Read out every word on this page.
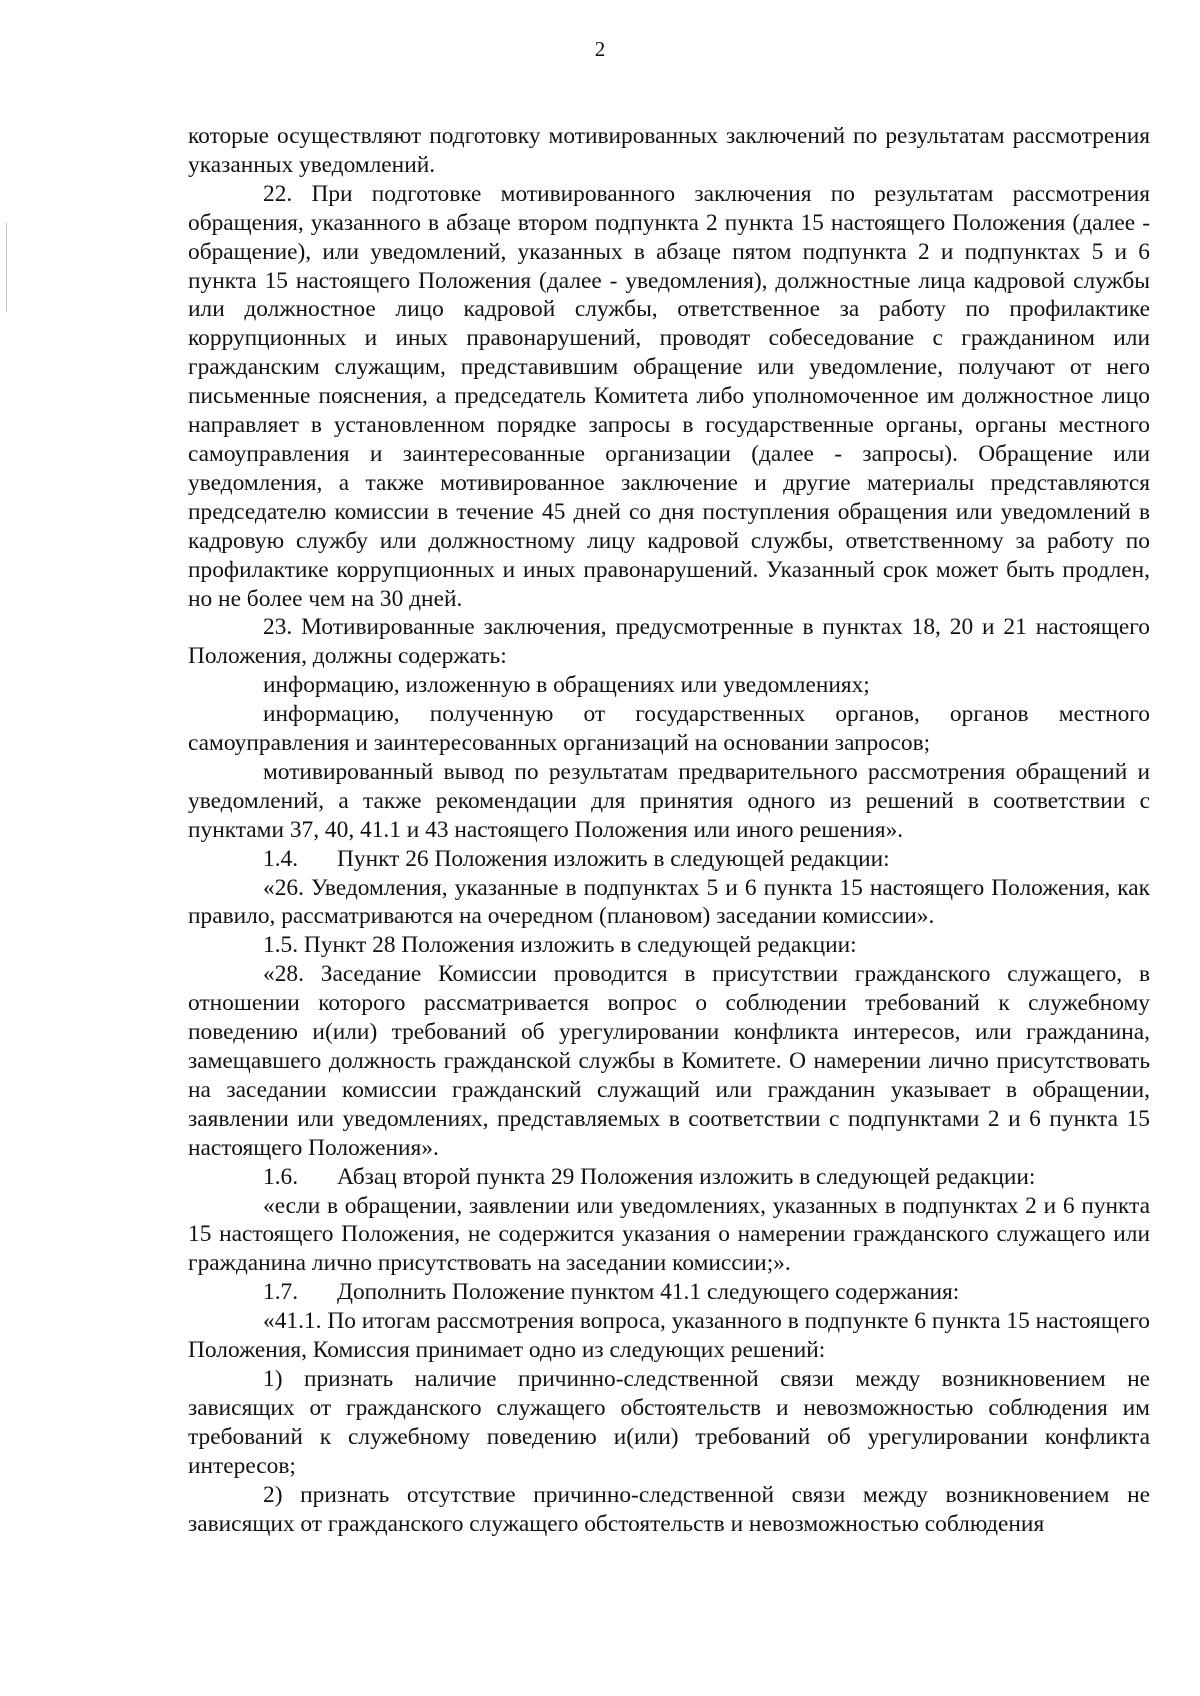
2

которые осуществляют подготовку мотивированных заключений по результатам рассмотрения указанных уведомлений.

22. При подготовке мотивированного заключения по результатам рассмотрения обращения, указанного в абзаце втором подпункта 2 пункта 15 настоящего Положения (далее - обращение), или уведомлений, указанных в абзаце пятом подпункта 2 и подпунктах 5 и 6 пункта 15 настоящего Положения (далее - уведомления), должностные лица кадровой службы или должностное лицо кадровой службы, ответственное за работу по профилактике коррупционных и иных правонарушений, проводят собеседование с гражданином или гражданским служащим, представившим обращение или уведомление, получают от него письменные пояснения, а председатель Комитета либо уполномоченное им должностное лицо направляет в установленном порядке запросы в государственные органы, органы местного самоуправления и заинтересованные организации (далее - запросы). Обращение или уведомления, а также мотивированное заключение и другие материалы представляются председателю комиссии в течение 45 дней со дня поступления обращения или уведомлений в кадровую службу или должностному лицу кадровой службы, ответственному за работу по профилактике коррупционных и иных правонарушений. Указанный срок может быть продлен, но не более чем на 30 дней.

23. Мотивированные заключения, предусмотренные в пунктах 18, 20 и 21 настоящего Положения, должны содержать:

информацию, изложенную в обращениях или уведомлениях;

информацию, полученную от государственных органов, органов местного самоуправления и заинтересованных организаций на основании запросов;

мотивированный вывод по результатам предварительного рассмотрения обращений и уведомлений, а также рекомендации для принятия одного из решений в соответствии с пунктами 37, 40, 41.1 и 43 настоящего Положения или иного решения».

1.4. Пункт 26 Положения изложить в следующей редакции:

«26. Уведомления, указанные в подпунктах 5 и 6 пункта 15 настоящего Положения, как правило, рассматриваются на очередном (плановом) заседании комиссии».

1.5. Пункт 28 Положения изложить в следующей редакции:

«28. Заседание Комиссии проводится в присутствии гражданского служащего, в отношении которого рассматривается вопрос о соблюдении требований к служебному поведению и(или) требований об урегулировании конфликта интересов, или гражданина, замещавшего должность гражданской службы в Комитете. О намерении лично присутствовать на заседании комиссии гражданский служащий или гражданин указывает в обращении, заявлении или уведомлениях, представляемых в соответствии с подпунктами 2 и 6 пункта 15 настоящего Положения».

1.6. Абзац второй пункта 29 Положения изложить в следующей редакции:

«если в обращении, заявлении или уведомлениях, указанных в подпунктах 2 и 6 пункта 15 настоящего Положения, не содержится указания о намерении гражданского служащего или гражданина лично присутствовать на заседании комиссии;».

1.7. Дополнить Положение пунктом 41.1 следующего содержания:

«41.1. По итогам рассмотрения вопроса, указанного в подпункте 6 пункта 15 настоящего Положения, Комиссия принимает одно из следующих решений:

1) признать наличие причинно-следственной связи между возникновением не зависящих от гражданского служащего обстоятельств и невозможностью соблюдения им требований к служебному поведению и(или) требований об урегулировании конфликта интересов;

2) признать отсутствие причинно-следственной связи между возникновением не зависящих от гражданского служащего обстоятельств и невозможностью соблюдения
